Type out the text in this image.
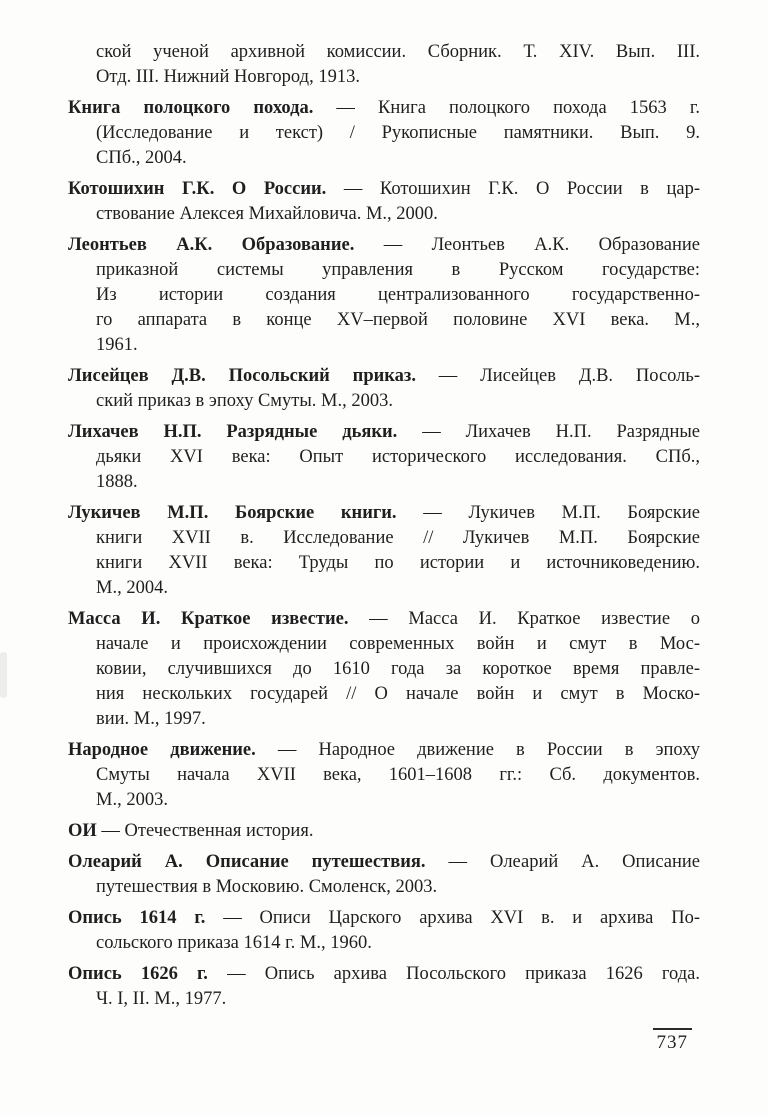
ской ученой архивной комиссии. Сборник. Т. XIV. Вып. III.
Отд. III. Нижний Новгород, 1913.
Книга полоцкого похода. — Книга полоцкого похода 1563 г.
(Исследование и текст) / Рукописные памятники. Вып. 9.
СПб., 2004.
Котошихин Г.К. О России. — Котошихин Г.К. О России в цар-
ствование Алексея Михайловича. М., 2000.
Леонтьев А.К. Образование. — Леонтьев А.К. Образование
приказной системы управления в Русском государстве:
Из истории создания централизованного государственно-
го аппарата в конце XV–первой половине XVI века. М.,
1961.
Лисейцев Д.В. Посольский приказ. — Лисейцев Д.В. Посоль-
ский приказ в эпоху Смуты. М., 2003.
Лихачев Н.П. Разрядные дьяки. — Лихачев Н.П. Разрядные
дьяки XVI века: Опыт исторического исследования. СПб.,
1888.
Лукичев М.П. Боярские книги. — Лукичев М.П. Боярские
книги XVII в. Исследование // Лукичев М.П. Боярские
книги XVII века: Труды по истории и источниковедению.
М., 2004.
Масса И. Краткое известие. — Масса И. Краткое известие о
начале и происхождении современных войн и смут в Мос-
ковии, случившихся до 1610 года за короткое время правле-
ния нескольких государей // О начале войн и смут в Моско-
вии. М., 1997.
Народное движение. — Народное движение в России в эпоху
Смуты начала XVII века, 1601–1608 гг.: Сб. документов.
М., 2003.
ОИ — Отечественная история.
Олеарий А. Описание путешествия. — Олеарий А. Описание
путешествия в Московию. Смоленск, 2003.
Опись 1614 г. — Описи Царского архива XVI в. и архива По-
сольского приказа 1614 г. М., 1960.
Опись 1626 г. — Опись архива Посольского приказа 1626 года.
Ч. I, II. М., 1977.
737
